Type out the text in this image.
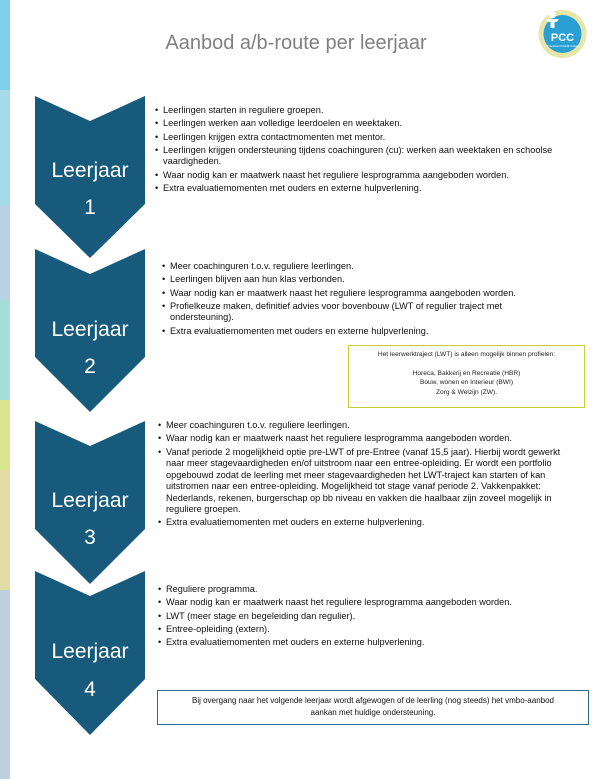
Aanbod a/b-route per leerjaar	PCC
Protestants Christelijk College
Leerjaar
1
• Leerlingen starten in reguliere groepen.
• Leerlingen werken aan volledige leerdoelen en weektaken.
• Leerlingen krijgen extra contactmomenten met mentor.
• Leerlingen krijgen ondersteuning tijdens coachinguren (cu): werken aan weektaken en schoolse vaardigheden.
• Waar nodig kan er maatwerk naast het reguliere lesprogramma aangeboden worden.
• Extra evaluatiemomenten met ouders en externe hulpverlening.
Leerjaar
2
• Meer coachinguren t.o.v. reguliere leerlingen.
• Leerlingen blijven aan hun klas verbonden.
• Waar nodig kan er maatwerk naast het reguliere lesprogramma aangeboden worden.
• Profielkeuze maken, definitief advies voor bovenbouw (LWT of regulier traject met ondersteuning).
• Extra evaluatiemomenten met ouders en externe hulpverlening.
Het leerwerktraject (LWT) is alleen mogelijk binnen profielen:
Horeca, Bakkerij en Recreatie (HBR)
Bouw, wonen en Interieur (BWI)
Zorg & Welzijn (ZW).
Leerjaar
3
• Meer coachinguren t.o.v. reguliere leerlingen.
• Waar nodig kan er maatwerk naast het reguliere lesprogramma aangeboden worden.
• Vanaf periode 2 mogelijkheid optie pre-LWT of pre-Entree (vanaf 15,5 jaar). Hierbij wordt gewerkt naar meer stagevaardigheden en/of uitstroom naar een entree-opleiding. Er wordt een portfolio opgebouwd zodat de leerling met meer stagevaardigheden het LWT-traject kan starten of kan uitstromen naar een entree-opleiding. Mogelijkheid tot stage vanaf periode 2. Vakkenpakket: Nederlands, rekenen, burgerschap op bb niveau en vakken die haalbaar zijn zoveel mogelijk in reguliere groepen.
• Extra evaluatiemomenten met ouders en externe hulpverlening.
Leerjaar
4
• Reguliere programma.
• Waar nodig kan er maatwerk naast het reguliere lesprogramma aangeboden worden.
• LWT (meer stage en begeleiding dan regulier).
• Entree-opleiding (extern).
• Extra evaluatiemomenten met ouders en externe hulpverlening.
Bij overgang naar het volgende leerjaar wordt afgewogen of de leerling (nog steeds) het vmbo-aanbod
aankan met huidige ondersteuning.
